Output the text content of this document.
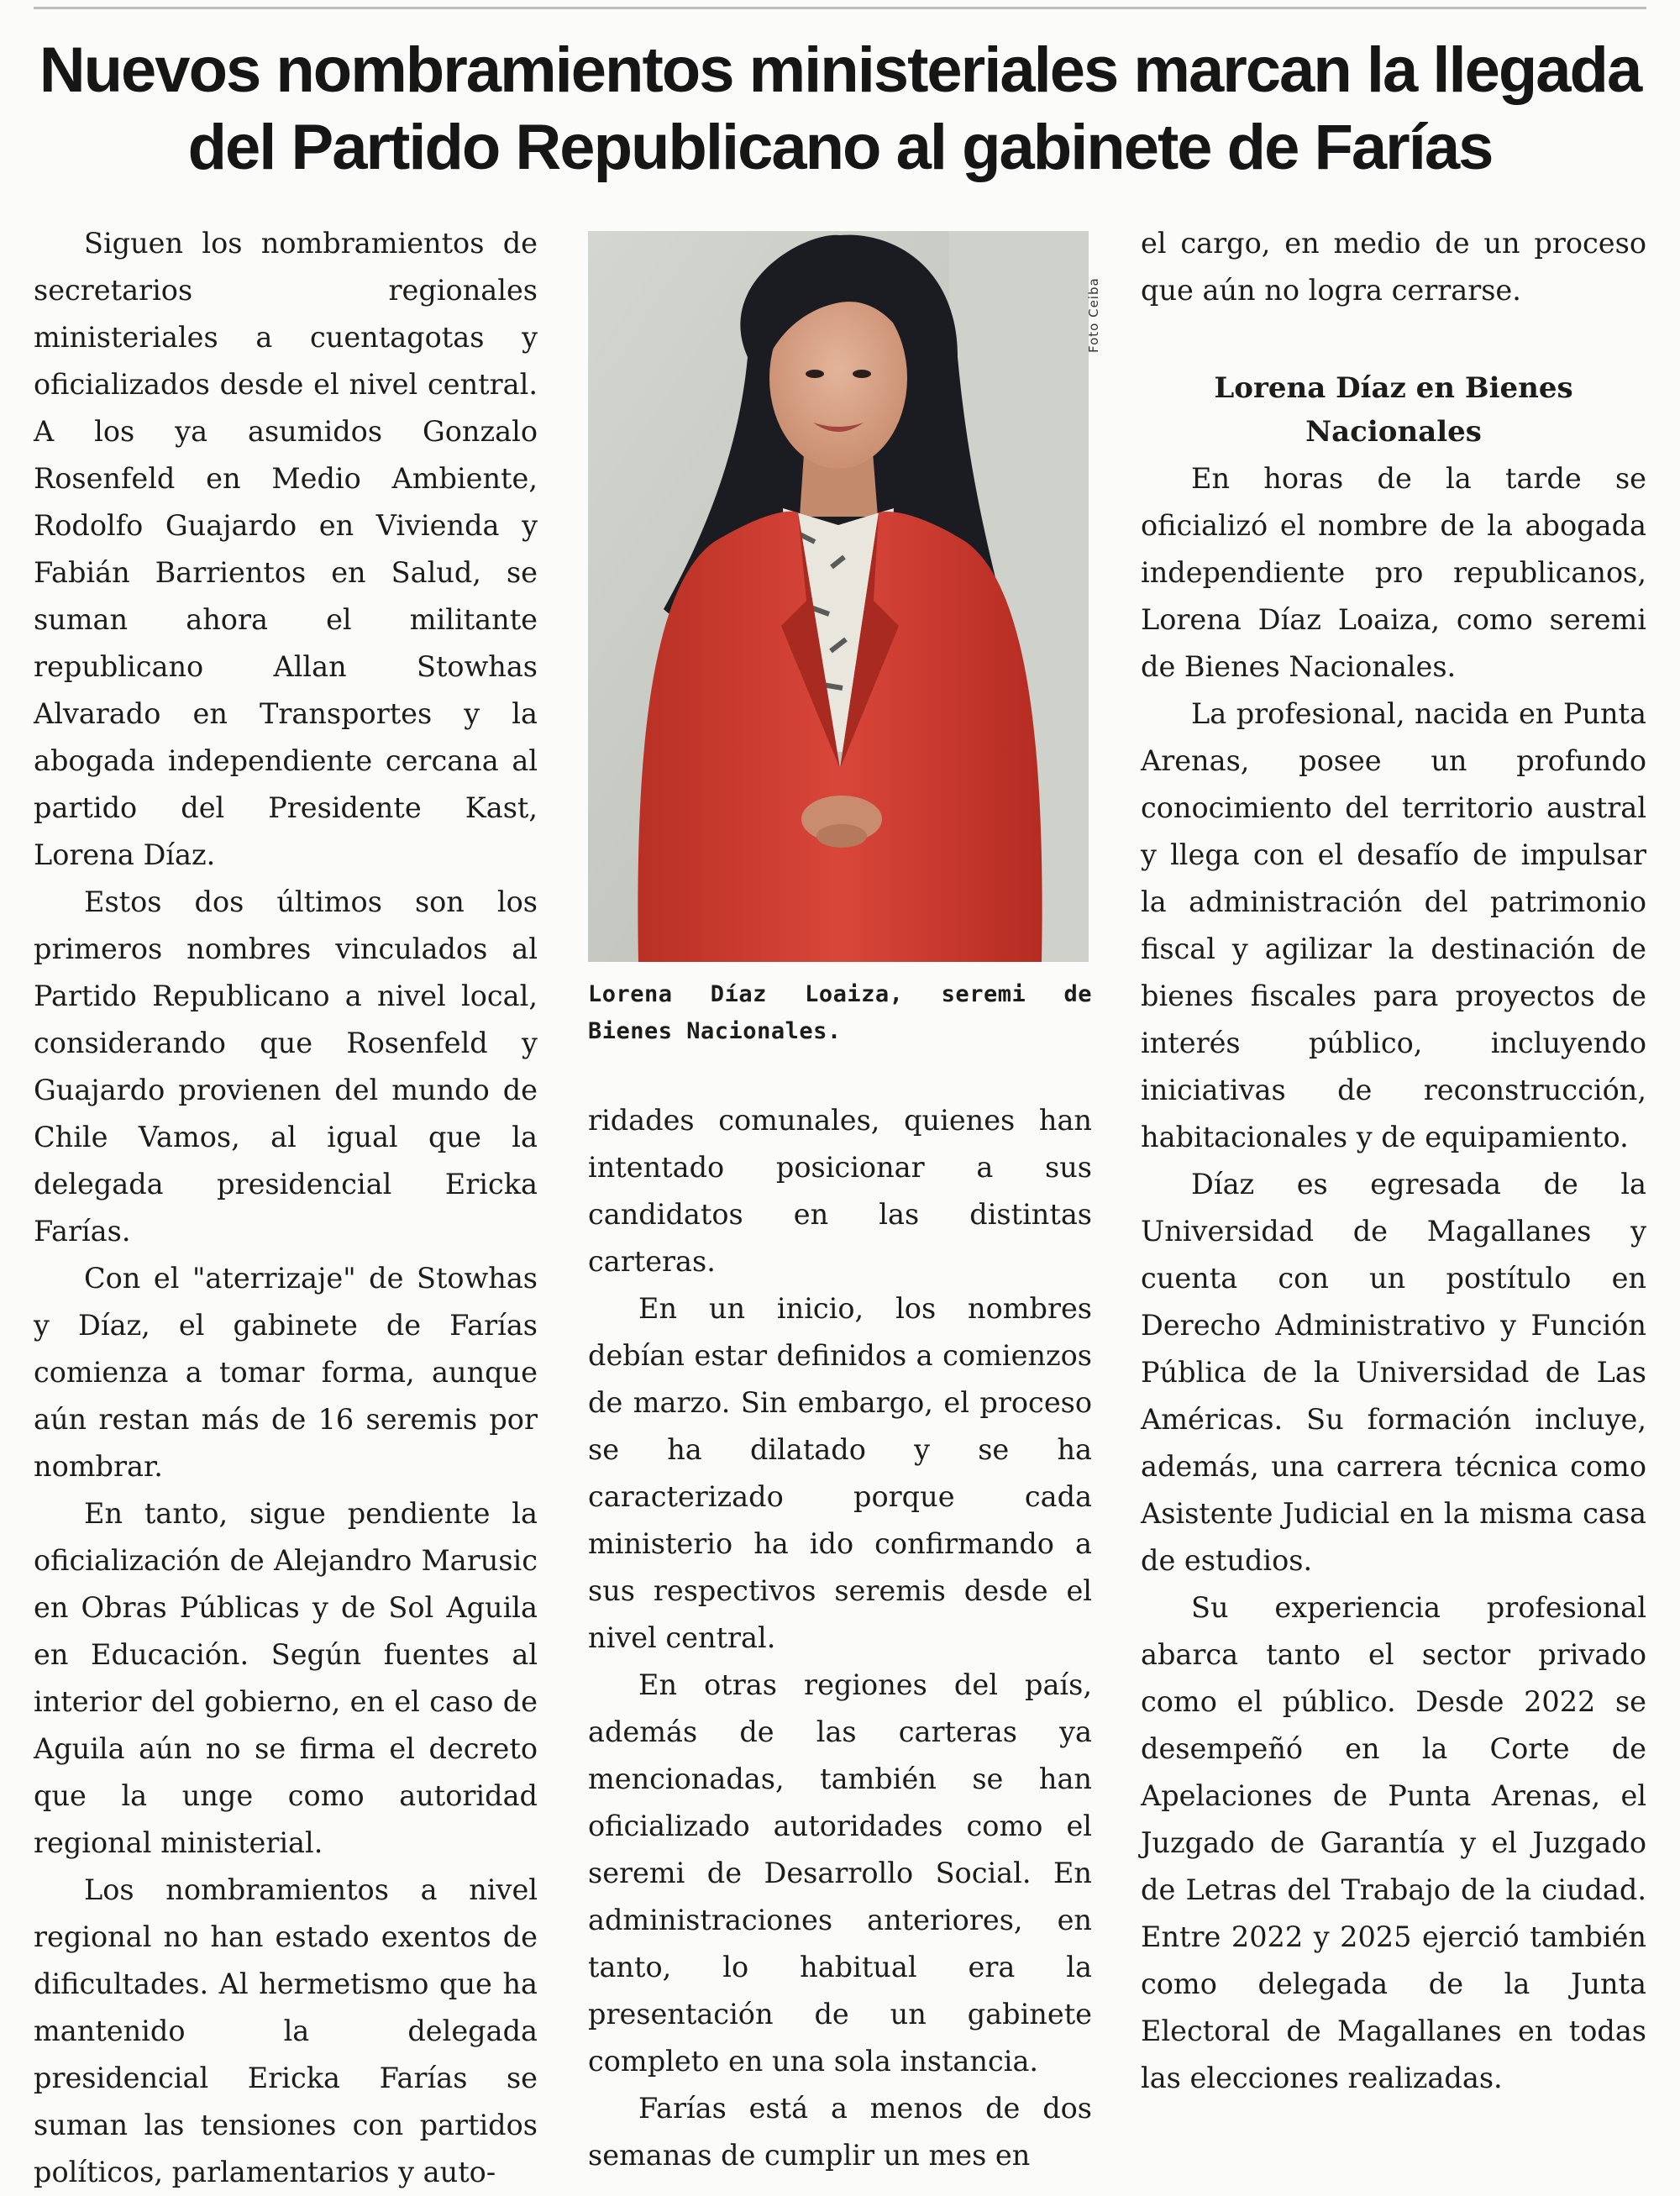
Nuevos nombramientos ministeriales marcan la llegada del Partido Republicano al gabinete de Farías

Siguen los nombramientos de secretarios regionales ministeriales a cuentagotas y oficializados desde el nivel central. A los ya asumidos Gonzalo Rosenfeld en Medio Ambiente, Rodolfo Guajardo en Vivienda y Fabián Barrientos en Salud, se suman ahora el militante republicano Allan Stowhas Alvarado en Transportes y la abogada independiente cercana al partido del Presidente Kast, Lorena Díaz.

Estos dos últimos son los primeros nombres vinculados al Partido Republicano a nivel local, considerando que Rosenfeld y Guajardo provienen del mundo de Chile Vamos, al igual que la delegada presidencial Ericka Farías.

Con el "aterrizaje" de Stowhas y Díaz, el gabinete de Farías comienza a tomar forma, aunque aún restan más de 16 seremis por nombrar.

En tanto, sigue pendiente la oficialización de Alejandro Marusic en Obras Públicas y de Sol Aguila en Educación. Según fuentes al interior del gobierno, en el caso de Aguila aún no se firma el decreto que la unge como autoridad regional ministerial.

Los nombramientos a nivel regional no han estado exentos de dificultades. Al hermetismo que ha mantenido la delegada presidencial Ericka Farías se suman las tensiones con partidos políticos, parlamentarios y auto-

Foto Ceiba

Lorena Díaz Loaiza, seremi de Bienes Nacionales.

ridades comunales, quienes han intentado posicionar a sus candidatos en las distintas carteras.

En un inicio, los nombres debían estar definidos a comienzos de marzo. Sin embargo, el proceso se ha dilatado y se ha caracterizado porque cada ministerio ha ido confirmando a sus respectivos seremis desde el nivel central.

En otras regiones del país, además de las carteras ya mencionadas, también se han oficializado autoridades como el seremi de Desarrollo Social. En administraciones anteriores, en tanto, lo habitual era la presentación de un gabinete completo en una sola instancia.

Farías está a menos de dos semanas de cumplir un mes en

el cargo, en medio de un proceso que aún no logra cerrarse.

Lorena Díaz en Bienes Nacionales

En horas de la tarde se oficializó el nombre de la abogada independiente pro republicanos, Lorena Díaz Loaiza, como seremi de Bienes Nacionales.

La profesional, nacida en Punta Arenas, posee un profundo conocimiento del territorio austral y llega con el desafío de impulsar la administración del patrimonio fiscal y agilizar la destinación de bienes fiscales para proyectos de interés público, incluyendo iniciativas de reconstrucción, habitacionales y de equipamiento.

Díaz es egresada de la Universidad de Magallanes y cuenta con un postítulo en Derecho Administrativo y Función Pública de la Universidad de Las Américas. Su formación incluye, además, una carrera técnica como Asistente Judicial en la misma casa de estudios.

Su experiencia profesional abarca tanto el sector privado como el público. Desde 2022 se desempeñó en la Corte de Apelaciones de Punta Arenas, el Juzgado de Garantía y el Juzgado de Letras del Trabajo de la ciudad. Entre 2022 y 2025 ejerció también como delegada de la Junta Electoral de Magallanes en todas las elecciones realizadas.
